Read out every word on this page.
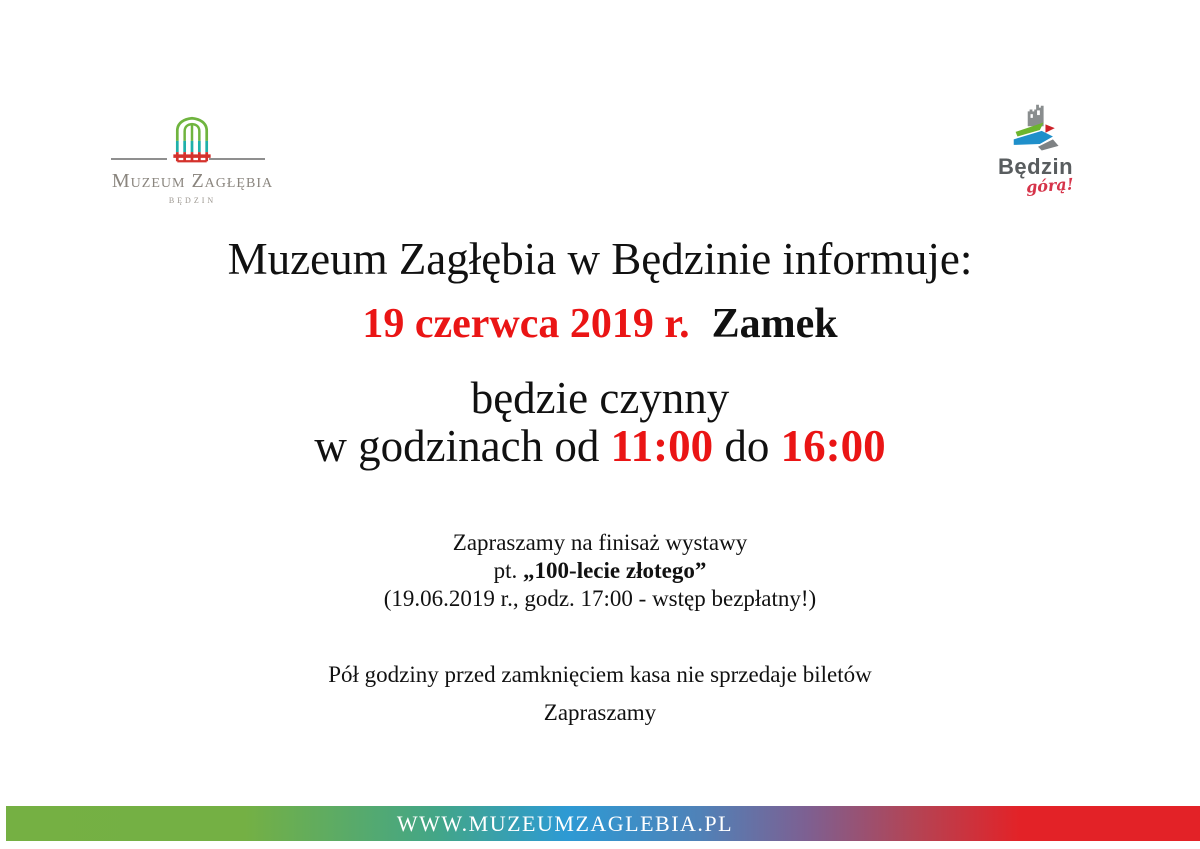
Muzeum Zagłębia
BĘDZIN
Będzin
górą!
Muzeum Zagłębia w Będzinie informuje:
19 czerwca 2019 r. Zamek
będzie czynny
w godzinach od 11:00 do 16:00
Zapraszamy na finisaż wystawy
pt. „100-lecie złotego”
(19.06.2019 r., godz. 17:00 - wstęp bezpłatny!)
Pół godziny przed zamknięciem kasa nie sprzedaje biletów
Zapraszamy
WWW.MUZEUMZAGLEBIA.PL
